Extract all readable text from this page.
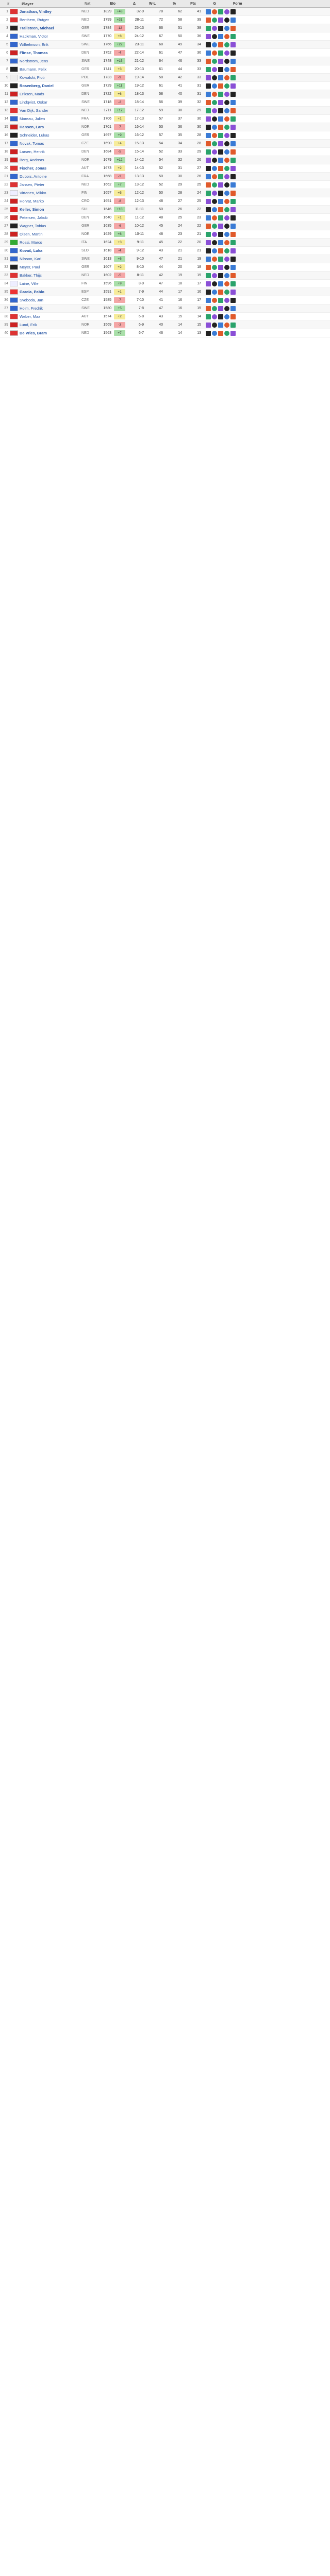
#	Player	Nat	Elo	Δ	W-L	%	Pts	G	Form
1	Jonathan, Vintley	NED	1829	+48	32-9	78	62	41
2	Benthem, Rutger	NED	1799	+31	28-11	72	58	39
3	Trailsteen, Michael	GER	1784	-12	25-13	66	51	38
4	Hackman, Victor	SWE	1770	+8	24-12	67	50	36
5	Wilhelmson, Erik	SWE	1766	+22	23-11	68	49	34
6	Flinse, Thomas	DEN	1752	-4	22-14	61	47	36
7	Nordström, Jens	SWE	1748	+15	21-12	64	46	33
8	Baumann, Felix	GER	1741	+3	20-13	61	44	33
9	Kowalski, Piotr	POL	1733	-9	19-14	58	42	33
10	Rosenberg, Daniel	GER	1729	+11	19-12	61	41	31
11	Eriksen, Mads	DEN	1722	+6	18-13	58	40	31
12	Lindqvist, Oskar	SWE	1718	-2	18-14	56	39	32
13	Van Dijk, Sander	NED	1711	+17	17-12	59	38	29
14	Moreau, Julien	FRA	1706	+1	17-13	57	37	30
15	Hansen, Lars	NOR	1701	-7	16-14	53	36	30
16	Schneider, Lukas	GER	1697	+9	16-12	57	35	28
17	Novak, Tomas	CZE	1690	+4	15-13	54	34	28
18	Larsen, Henrik	DEN	1684	-5	15-14	52	33	29
19	Berg, Andreas	NOR	1679	+12	14-12	54	32	26
20	Fischer, Jonas	AUT	1673	+2	14-13	52	31	27
21	Dubois, Antoine	FRA	1668	-3	13-13	50	30	26
22	Jansen, Pieter	NED	1662	+7	13-12	52	29	25
23	Virtanen, Mikko	FIN	1657	+5	12-12	50	28	24
24	Horvat, Marko	CRO	1651	-8	12-13	48	27	25
25	Keller, Simon	SUI	1646	+10	11-11	50	26	22
26	Petersen, Jakob	DEN	1640	+1	11-12	48	25	23
27	Wagner, Tobias	GER	1635	-6	10-12	45	24	22
28	Olsen, Martin	NOR	1629	+8	10-11	48	23	21
29	Rossi, Marco	ITA	1624	+3	9-11	45	22	20
30	Kovač, Luka	SLO	1618	-4	9-12	43	21	21
31	Nilsson, Karl	SWE	1613	+6	9-10	47	21	19
32	Meyer, Paul	GER	1607	+2	8-10	44	20	18
33	Bakker, Thijs	NED	1602	-5	8-11	42	19	19
34	Laine, Ville	FIN	1596	+9	8-9	47	18	17
35	Garcia, Pablo	ESP	1591	+1	7-9	44	17	16
36	Svoboda, Jan	CZE	1585	-7	7-10	41	16	17
37	Holm, Fredrik	SWE	1580	+5	7-8	47	16	15
38	Weber, Max	AUT	1574	+2	6-8	43	15	14
39	Lund, Erik	NOR	1569	-3	6-9	40	14	15
40	De Vries, Bram	NED	1563	+7	6-7	46	14	13
